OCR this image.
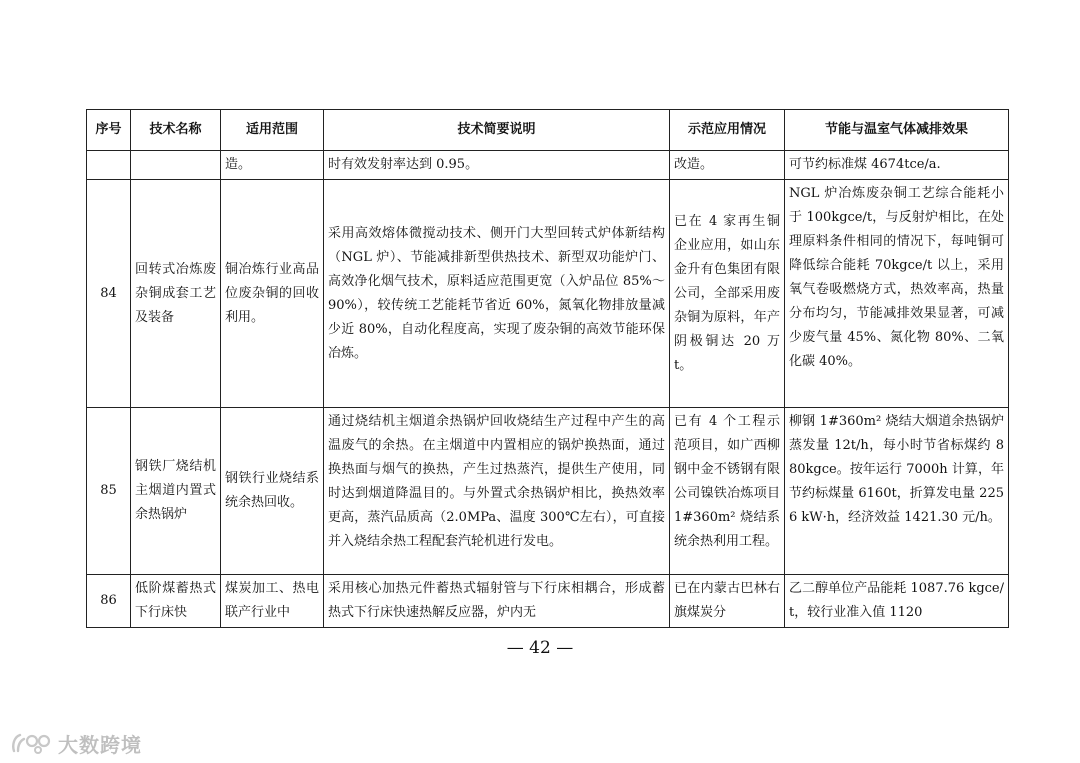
序号	技术名称	适用范围	技术简要说明	示范应用情况	节能与温室气体减排效果
		造。	时有效发射率达到 0.95。	改造。	可节约标准煤 4674tce/a.
84	回转式冶炼废杂铜成套工艺及装备	铜冶炼行业高品位废杂铜的回收利用。	采用高效熔体微搅动技术、侧开门大型回转式炉体新结构（NGL 炉）、节能减排新型供热技术、新型双功能炉门、高效净化烟气技术，原料适应范围更宽（入炉品位 85%～90%），较传统工艺能耗节省近 60%，氮氧化物排放量减少近 80%，自动化程度高，实现了废杂铜的高效节能环保冶炼。	已在 4 家再生铜企业应用，如山东金升有色集团有限公司，全部采用废杂铜为原料，年产阴极铜达 20 万 t。	NGL 炉冶炼废杂铜工艺综合能耗小于 100kgce/t，与反射炉相比，在处理原料条件相同的情况下，每吨铜可降低综合能耗 70kgce/t 以上，采用氧气卷吸燃烧方式，热效率高，热量分布均匀，节能减排效果显著，可减少废气量 45%、氮化物 80%、二氧化碳 40%。
85	钢铁厂烧结机主烟道内置式余热锅炉	钢铁行业烧结系统余热回收。	通过烧结机主烟道余热锅炉回收烧结生产过程中产生的高温废气的余热。在主烟道中内置相应的锅炉换热面，通过换热面与烟气的换热，产生过热蒸汽，提供生产使用，同时达到烟道降温目的。与外置式余热锅炉相比，换热效率更高，蒸汽品质高（2.0MPa、温度 300℃左右），可直接并入烧结余热工程配套汽轮机进行发电。	已有 4 个工程示范项目，如广西柳钢中金不锈钢有限公司镍铁冶炼项目 1#360m² 烧结系统余热利用工程。	柳钢 1#360m² 烧结大烟道余热锅炉蒸发量 12t/h，每小时节省标煤约 880kgce。按年运行 7000h 计算，年节约标煤量 6160t，折算发电量 2256 kW·h，经济效益 1421.30 元/h。
86	低阶煤蓄热式下行床快	煤炭加工、热电联产行业中	采用核心加热元件蓄热式辐射管与下行床相耦合，形成蓄热式下行床快速热解反应器，炉内无	已在内蒙古巴林右旗煤炭分	乙二醇单位产品能耗 1087.76 kgce/t，较行业准入值 1120
— 42 —
大数跨境
